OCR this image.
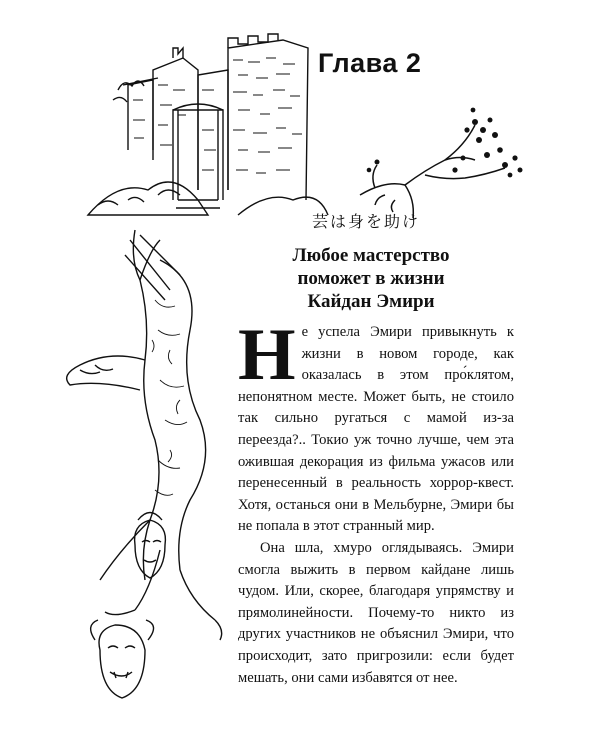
Глава 2
芸は身を助け
Любое мастерство
поможет в жизни
Кайдан Эмири

Не успела Эмири привыкнуть к жизни в новом городе, как оказалась в этом про́клятом, непонятном месте. Может быть, не стоило так сильно ругаться с мамой из-за переезда?.. Токио уж точно лучше, чем эта ожившая декорация из фильма ужасов или перенесенный в реальность хоррор-квест. Хотя, останься они в Мельбурне, Эмири бы не попала в этот странный мир.

Она шла, хмуро оглядываясь. Эмири смогла выжить в первом кайдане лишь чудом. Или, скорее, благодаря упрямству и прямолинейности. Почему-то никто из других участников не объяснил Эмири, что происходит, зато пригрозили: если будет мешать, они сами избавятся от нее.
